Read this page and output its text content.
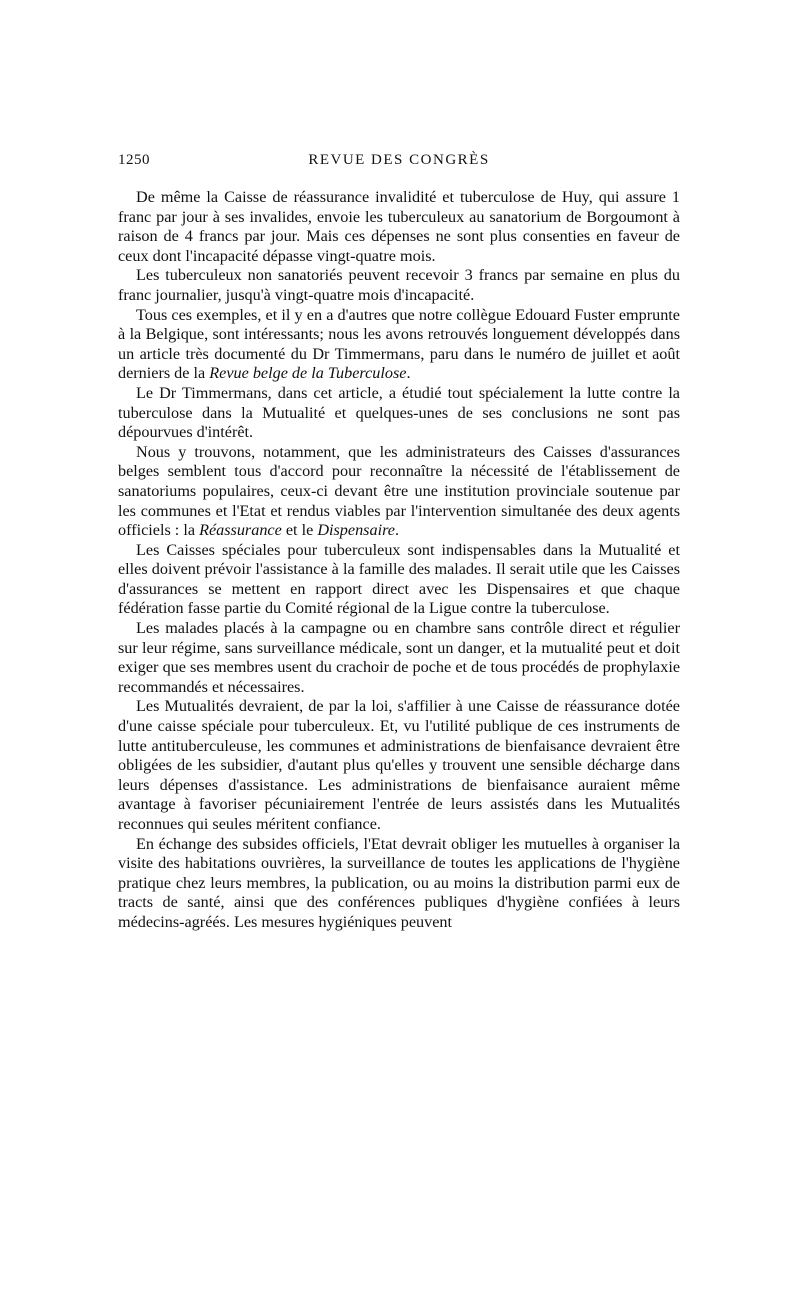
1250	REVUE DES CONGRÈS

De même la Caisse de réassurance invalidité et tuberculose de Huy, qui assure 1 franc par jour à ses invalides, envoie les tuberculeux au sanatorium de Borgoumont à raison de 4 francs par jour. Mais ces dépenses ne sont plus consenties en faveur de ceux dont l'incapacité dépasse vingt-quatre mois.

Les tuberculeux non sanatoriés peuvent recevoir 3 francs par semaine en plus du franc journalier, jusqu'à vingt-quatre mois d'incapacité.

Tous ces exemples, et il y en a d'autres que notre collègue Edouard Fuster emprunte à la Belgique, sont intéressants; nous les avons retrouvés longuement développés dans un article très documenté du Dr Timmermans, paru dans le numéro de juillet et août derniers de la Revue belge de la Tuberculose.

Le Dr Timmermans, dans cet article, a étudié tout spécialement la lutte contre la tuberculose dans la Mutualité et quelques-unes de ses conclusions ne sont pas dépourvues d'intérêt.

Nous y trouvons, notamment, que les administrateurs des Caisses d'assurances belges semblent tous d'accord pour reconnaître la nécessité de l'établissement de sanatoriums populaires, ceux-ci devant être une institution provinciale soutenue par les communes et l'Etat et rendus viables par l'intervention simultanée des deux agents officiels : la Réassurance et le Dispensaire.

Les Caisses spéciales pour tuberculeux sont indispensables dans la Mutualité et elles doivent prévoir l'assistance à la famille des malades. Il serait utile que les Caisses d'assurances se mettent en rapport direct avec les Dispensaires et que chaque fédération fasse partie du Comité régional de la Ligue contre la tuberculose.

Les malades placés à la campagne ou en chambre sans contrôle direct et régulier sur leur régime, sans surveillance médicale, sont un danger, et la mutualité peut et doit exiger que ses membres usent du crachoir de poche et de tous procédés de prophylaxie recommandés et nécessaires.

Les Mutualités devraient, de par la loi, s'affilier à une Caisse de réassurance dotée d'une caisse spéciale pour tuberculeux. Et, vu l'utilité publique de ces instruments de lutte antituberculeuse, les communes et administrations de bienfaisance devraient être obligées de les subsidier, d'autant plus qu'elles y trouvent une sensible décharge dans leurs dépenses d'assistance. Les administrations de bienfaisance auraient même avantage à favoriser pécuniairement l'entrée de leurs assistés dans les Mutualités reconnues qui seules méritent confiance.

En échange des subsides officiels, l'Etat devrait obliger les mutuelles à organiser la visite des habitations ouvrières, la surveillance de toutes les applications de l'hygiène pratique chez leurs membres, la publication, ou au moins la distribution parmi eux de tracts de santé, ainsi que des conférences publiques d'hygiène confiées à leurs médecins-agréés. Les mesures hygiéniques peuvent
